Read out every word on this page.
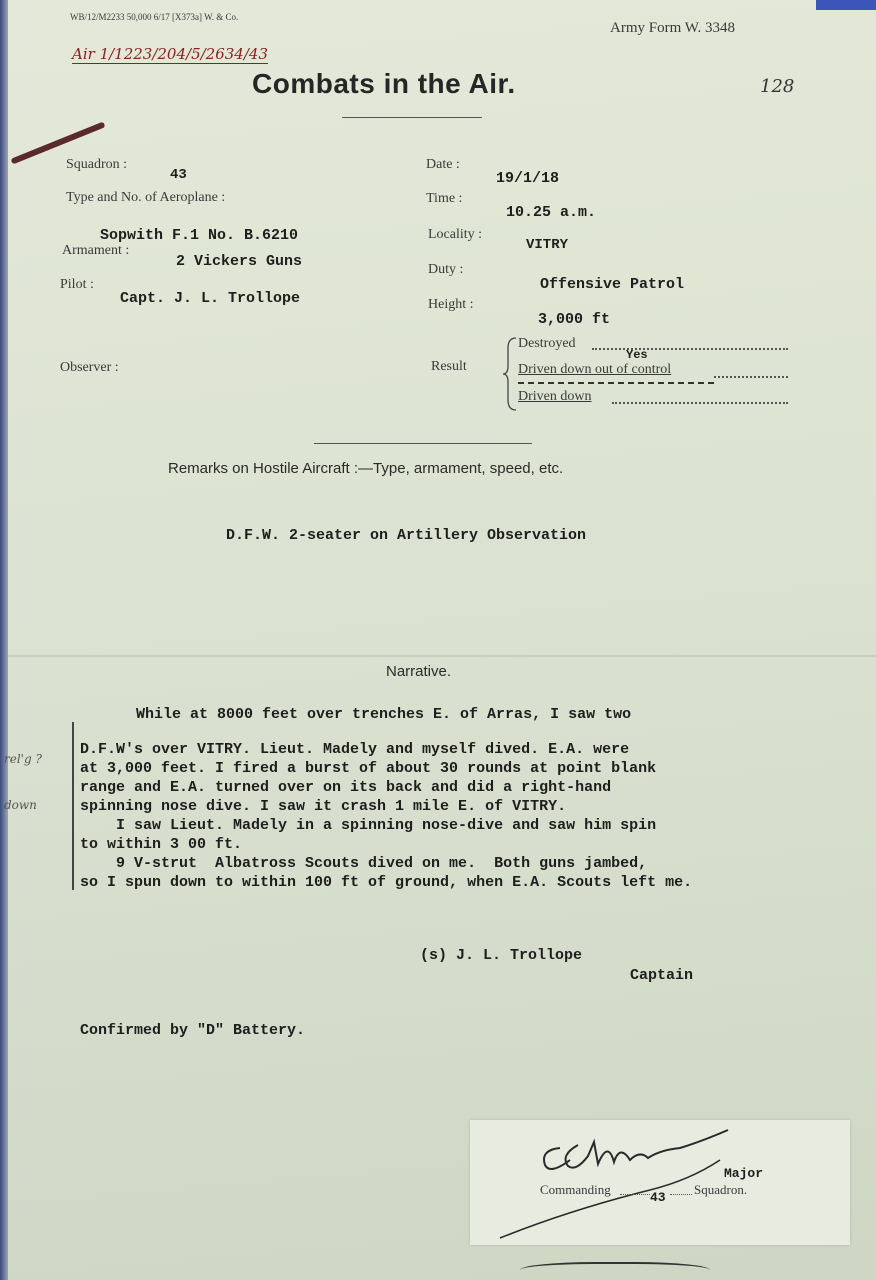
WB/12/M2233 50,000 6/17 [X373a] W. & Co.
Army Form W. 3348
Air 1/1223/204/5/2634/43
128
Combats in the Air.
Squadron :
43
Type and No. of Aeroplane :
Sopwith F.1 No. B.6210
Armament :
2 Vickers Guns
Pilot :
Capt. J. L. Trollope
Observer :
Date :
19/1/18
Time :
10.25 a.m.
Locality :
VITRY
Duty :
Offensive Patrol
Height :
3,000 ft
Result
Destroyed
Yes
Driven down out of control
Driven down
Remarks on Hostile Aircraft :—Type, armament, speed, etc.
D.F.W. 2-seater on Artillery Observation
Narrative.
rel'g ?
down
While at 8000 feet over trenches E. of Arras, I saw two
D.F.W's over VITRY. Lieut. Madely and myself dived. E.A. were
at 3,000 feet. I fired a burst of about 30 rounds at point blank
range and E.A. turned over on its back and did a right-hand
spinning nose dive. I saw it crash 1 mile E. of VITRY.
I saw Lieut. Madely in a spinning nose-dive and saw him spin
to within 3 00 ft.
9 V-strut  Albatross Scouts dived on me.  Both guns jambed,
so I spun down to within 100 ft of ground, when E.A. Scouts left me.
(s) J. L. Trollope
Captain
Confirmed by "D" Battery.
Commanding
43
Squadron.
Major
